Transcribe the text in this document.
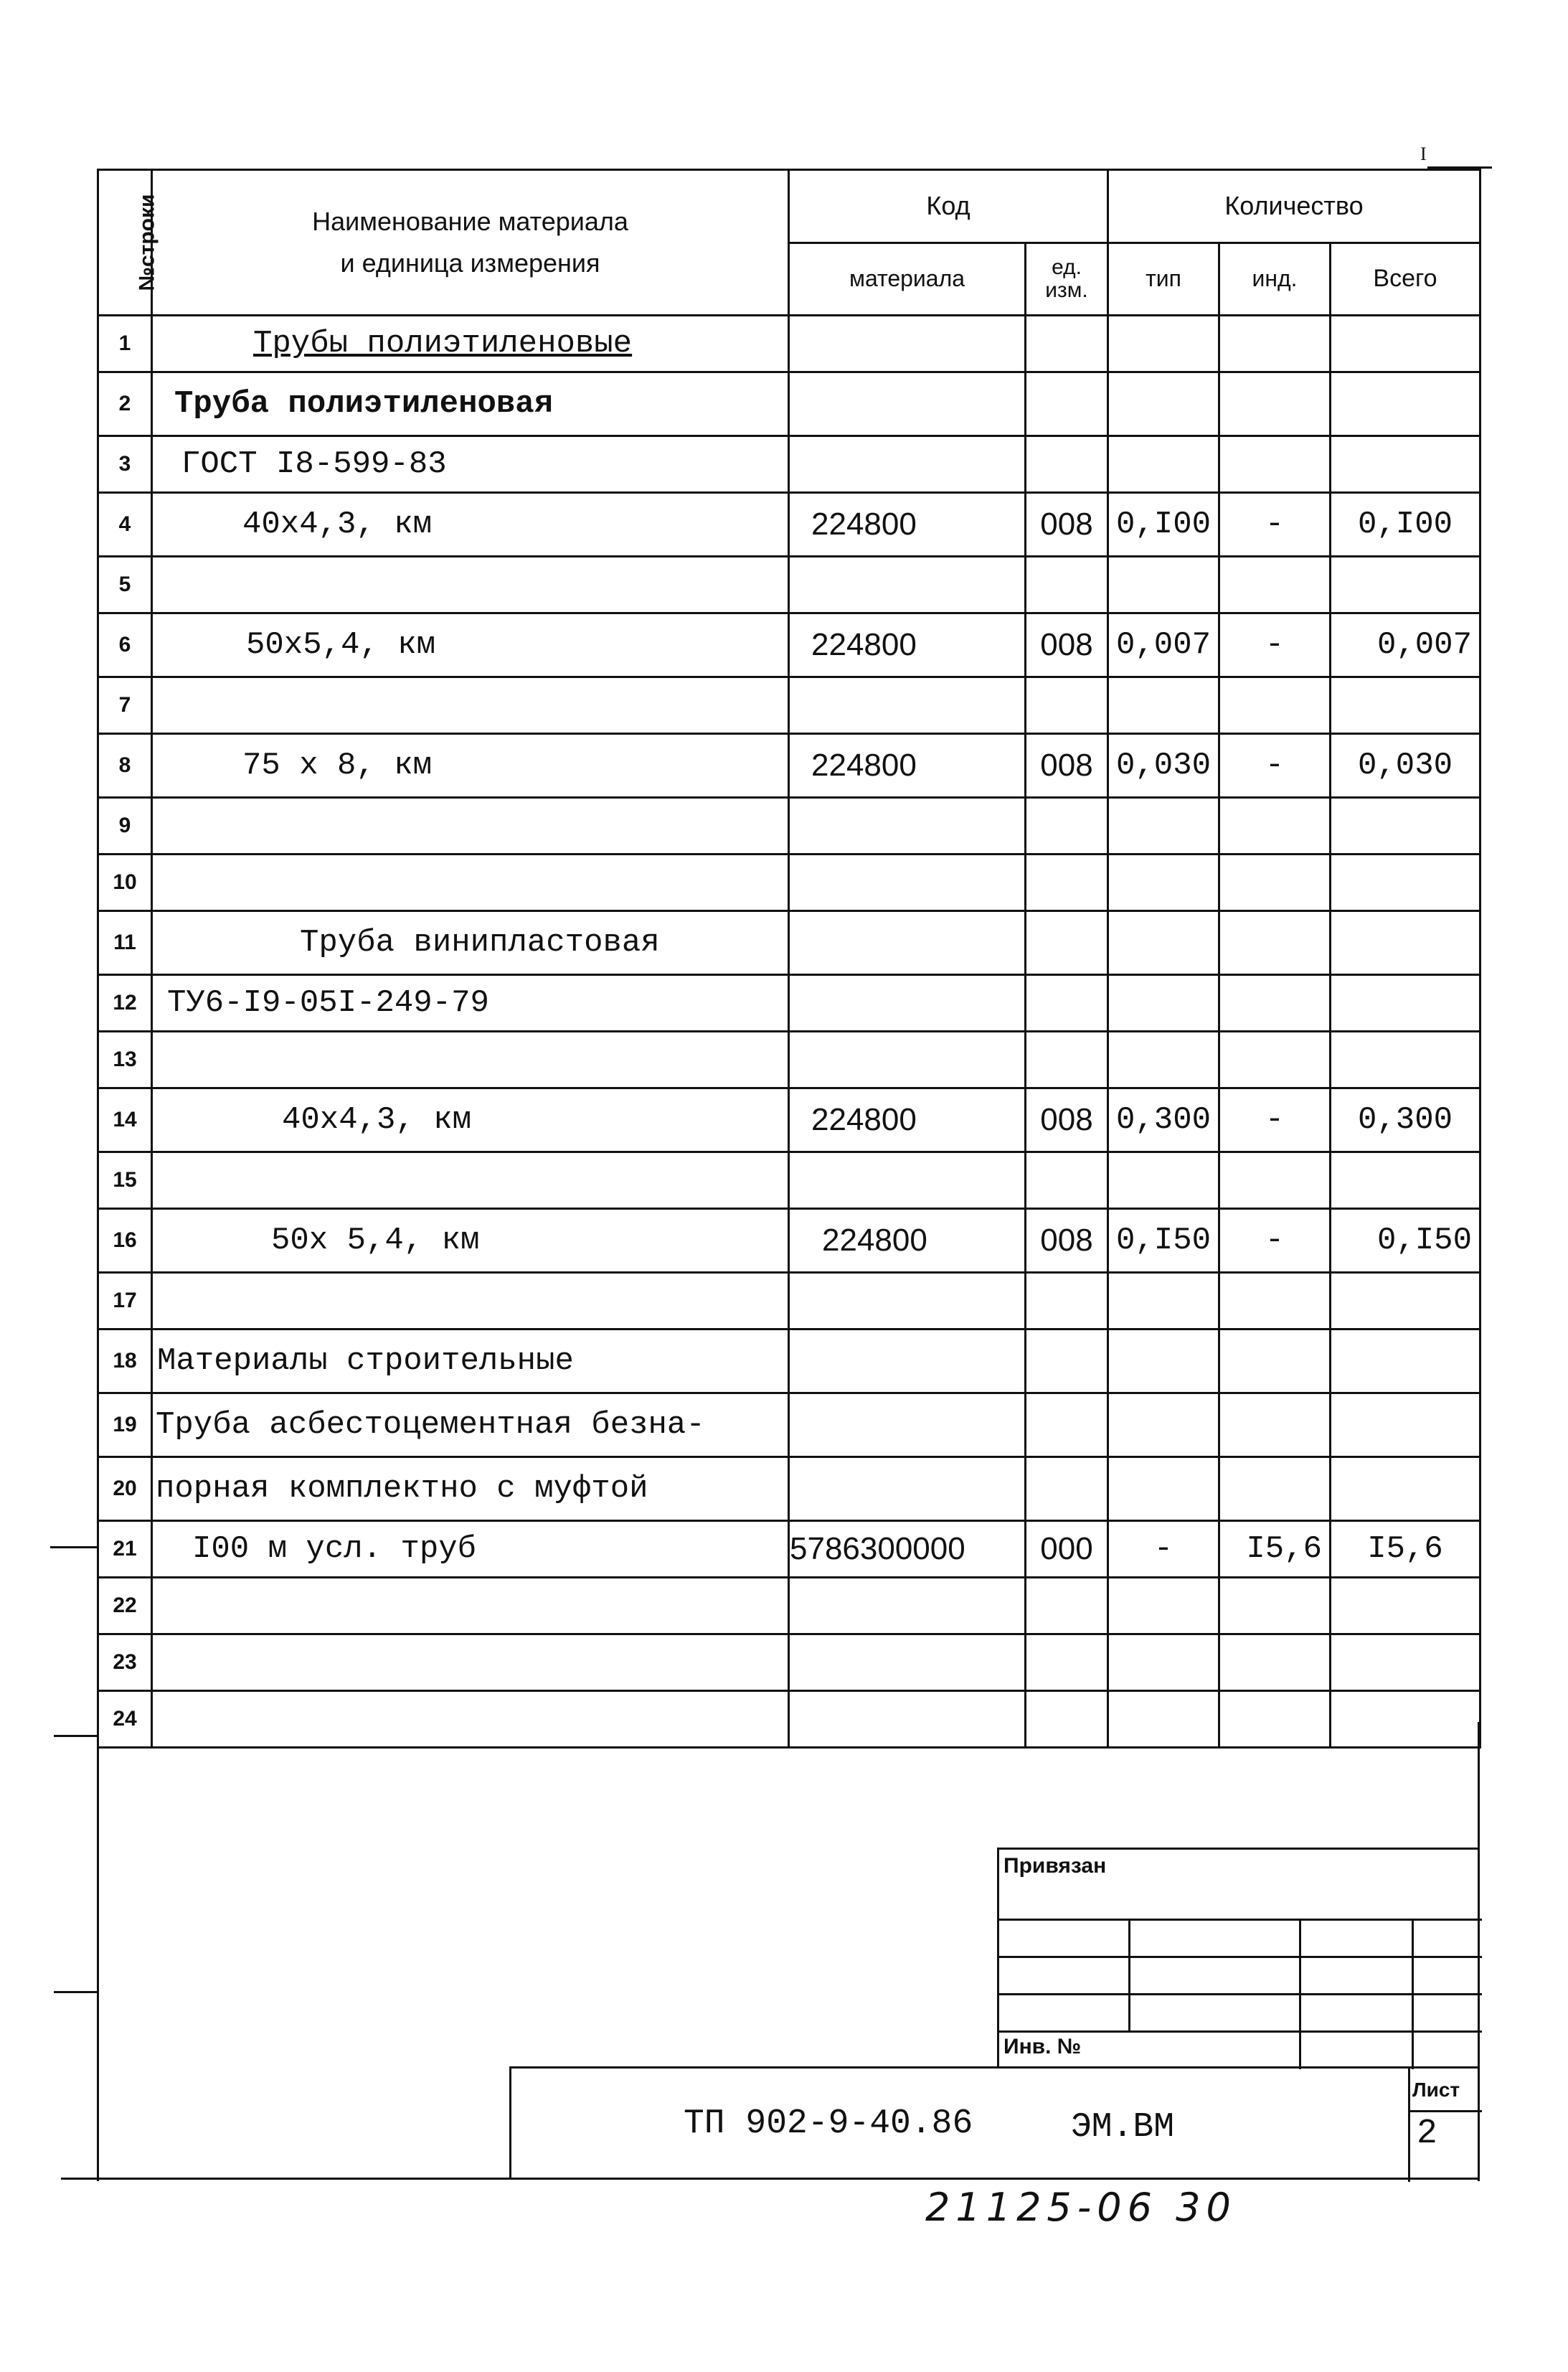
I
№строки	Наименование материала
и единица измерения	Код		Количество		
		материала	ед. изм.	тип	инд.	Всего
1	Трубы полиэтиленовые					
2	Труба полиэтиленовая					
3	ГОСТ I8-599-83					
4	40х4,3, км	224800	008	0,I00	-	0,I00
5						
6	50х5,4, км	224800	008	0,007	-	0,007
7						
8	75 х 8, км	224800	008	0,030	-	0,030
9						
10						
11	Труба винипластовая					
12	ТУ6-I9-05I-249-79					
13						
14	40х4,3, км	224800	008	0,300	-	0,300
15						
16	50х 5,4, км	224800	008	0,I50	-	0,I50
17						
18	Материалы строительные					
19	Труба асбестоцементная безна-					
20	порная комплектно с муфтой					
21	I00 м усл. труб	5786300000	000	-	I5,6	I5,6
22						
23						
24						
Привязан
Инв. №
ТП 902-9-40.86	ЭМ.ВМ
Лист
2
21125-06 30
